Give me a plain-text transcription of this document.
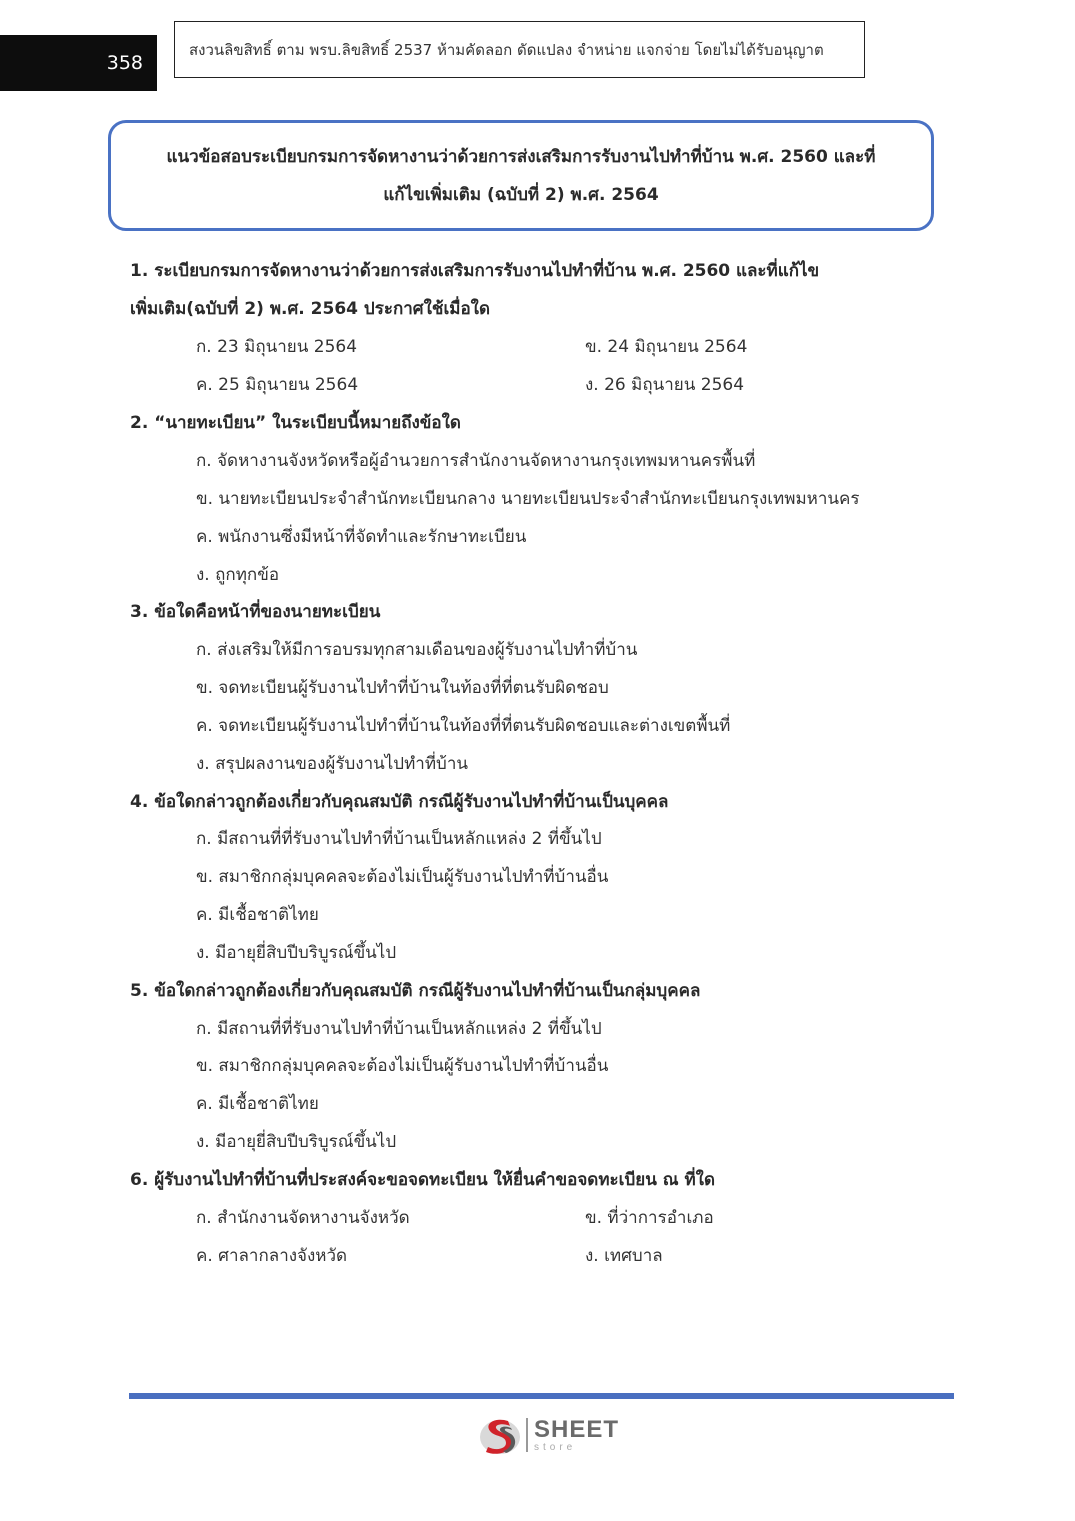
358
สงวนลิขสิทธิ์ ตาม พรบ.ลิขสิทธิ์ 2537 ห้ามคัดลอก ดัดแปลง จำหน่าย แจกจ่าย โดยไม่ได้รับอนุญาต
แนวข้อสอบระเบียบกรมการจัดหางานว่าด้วยการส่งเสริมการรับงานไปทำที่บ้าน พ.ศ. 2560 และที่
แก้ไขเพิ่มเติม (ฉบับที่ 2) พ.ศ. 2564
1. ระเบียบกรมการจัดหางานว่าด้วยการส่งเสริมการรับงานไปทำที่บ้าน พ.ศ. 2560 และที่แก้ไข
เพิ่มเติม(ฉบับที่ 2) พ.ศ. 2564 ประกาศใช้เมื่อใด
ก. 23 มิถุนายน 2564	ข. 24 มิถุนายน 2564
ค. 25 มิถุนายน 2564	ง. 26 มิถุนายน 2564
2. “นายทะเบียน” ในระเบียบนี้หมายถึงข้อใด
ก. จัดหางานจังหวัดหรือผู้อำนวยการสำนักงานจัดหางานกรุงเทพมหานครพื้นที่
ข. นายทะเบียนประจำสำนักทะเบียนกลาง นายทะเบียนประจำสำนักทะเบียนกรุงเทพมหานคร
ค. พนักงานซึ่งมีหน้าที่จัดทำและรักษาทะเบียน
ง. ถูกทุกข้อ
3. ข้อใดคือหน้าที่ของนายทะเบียน
ก. ส่งเสริมให้มีการอบรมทุกสามเดือนของผู้รับงานไปทำที่บ้าน
ข. จดทะเบียนผู้รับงานไปทำที่บ้านในท้องที่ที่ตนรับผิดชอบ
ค. จดทะเบียนผู้รับงานไปทำที่บ้านในท้องที่ที่ตนรับผิดชอบและต่างเขตพื้นที่
ง. สรุปผลงานของผู้รับงานไปทำที่บ้าน
4. ข้อใดกล่าวถูกต้องเกี่ยวกับคุณสมบัติ กรณีผู้รับงานไปทำที่บ้านเป็นบุคคล
ก. มีสถานที่ที่รับงานไปทำที่บ้านเป็นหลักแหล่ง 2 ที่ขึ้นไป
ข. สมาชิกกลุ่มบุคคลจะต้องไม่เป็นผู้รับงานไปทำที่บ้านอื่น
ค. มีเชื้อชาติไทย
ง. มีอายุยี่สิบปีบริบูรณ์ขึ้นไป
5. ข้อใดกล่าวถูกต้องเกี่ยวกับคุณสมบัติ กรณีผู้รับงานไปทำที่บ้านเป็นกลุ่มบุคคล
ก. มีสถานที่ที่รับงานไปทำที่บ้านเป็นหลักแหล่ง 2 ที่ขึ้นไป
ข. สมาชิกกลุ่มบุคคลจะต้องไม่เป็นผู้รับงานไปทำที่บ้านอื่น
ค. มีเชื้อชาติไทย
ง. มีอายุยี่สิบปีบริบูรณ์ขึ้นไป
6. ผู้รับงานไปทำที่บ้านที่ประสงค์จะขอจดทะเบียน ให้ยื่นคำขอจดทะเบียน ณ ที่ใด
ก. สำนักงานจัดหางานจังหวัด	ข. ที่ว่าการอำเภอ
ค. ศาลากลางจังหวัด	ง. เทศบาล
SHEET
store
